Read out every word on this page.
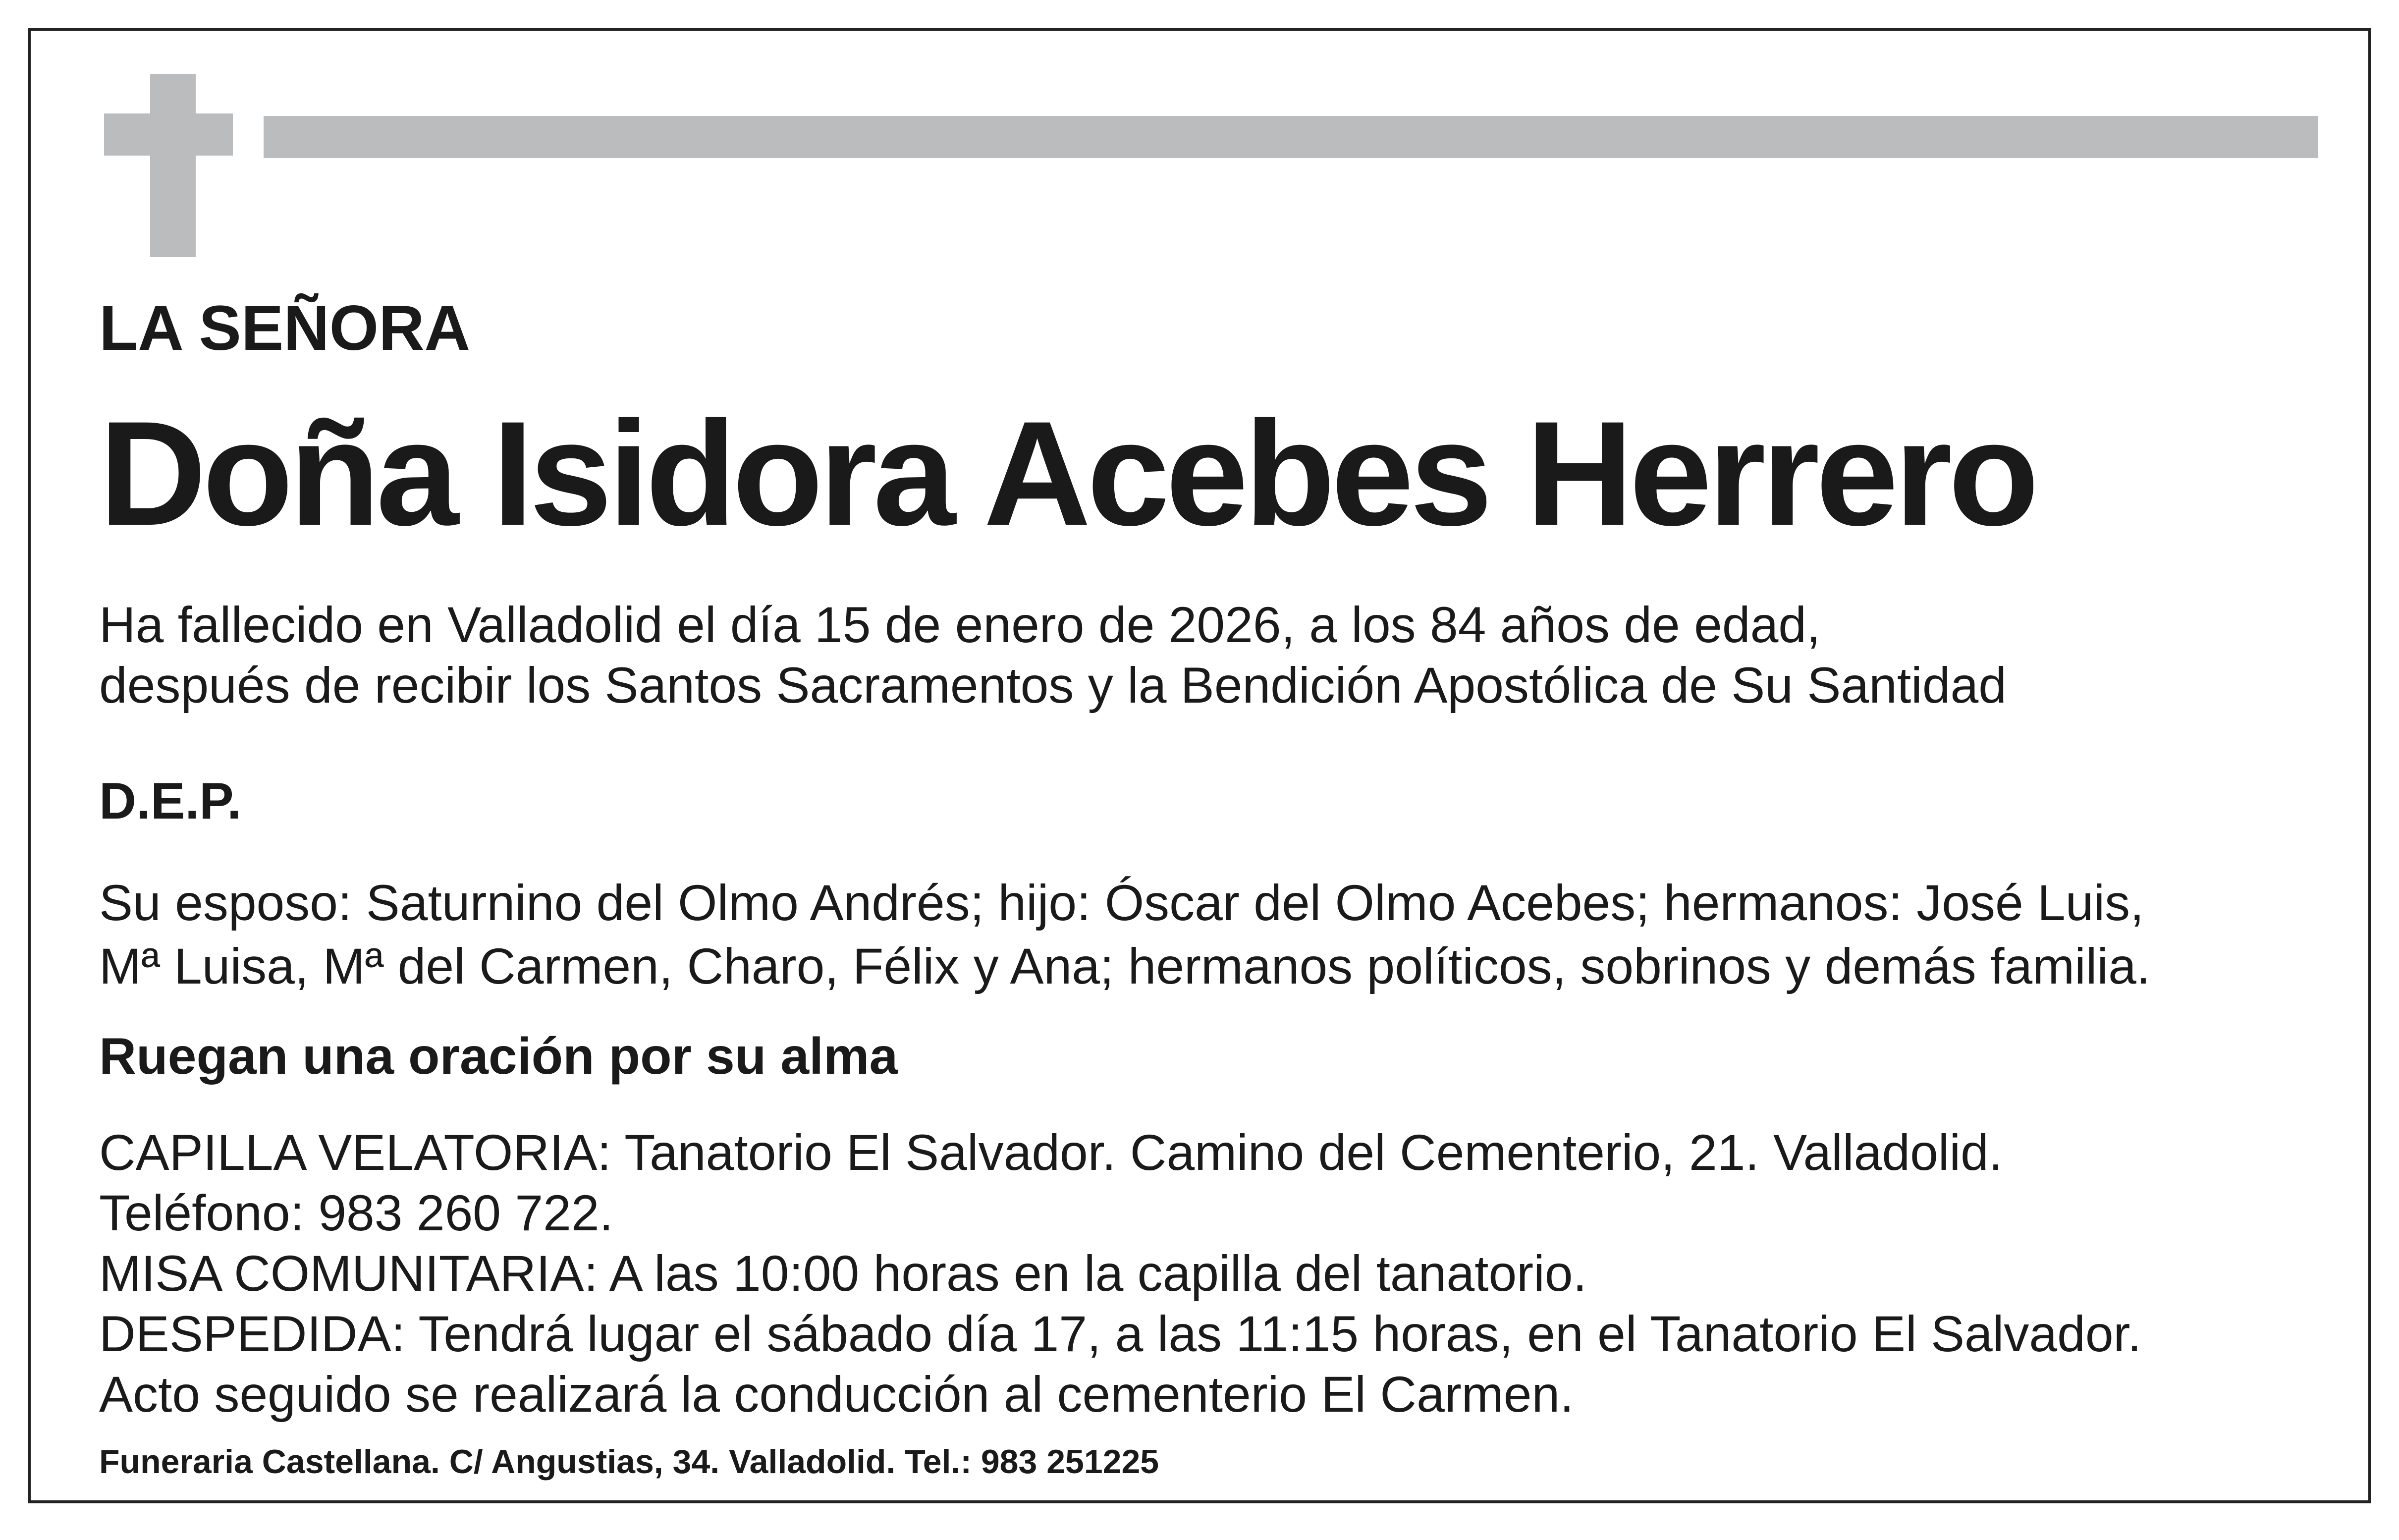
LA SEÑORA
Doña Isidora Acebes Herrero
Ha fallecido en Valladolid el día 15 de enero de 2026, a los 84 años de edad,
después de recibir los Santos Sacramentos y la Bendición Apostólica de Su Santidad
D.E.P.
Su esposo: Saturnino del Olmo Andrés; hijo: Óscar del Olmo Acebes; hermanos: José Luis,
Mª Luisa, Mª del Carmen, Charo, Félix y Ana; hermanos políticos, sobrinos y demás familia.
Ruegan una oración por su alma
CAPILLA VELATORIA: Tanatorio El Salvador. Camino del Cementerio, 21. Valladolid.
Teléfono: 983 260 722.
MISA COMUNITARIA: A las 10:00 horas en la capilla del tanatorio.
DESPEDIDA: Tendrá lugar el sábado día 17, a las 11:15 horas, en el Tanatorio El Salvador.
Acto seguido se realizará la conducción al cementerio El Carmen.
Funeraria Castellana. C/ Angustias, 34. Valladolid. Tel.: 983 251225
